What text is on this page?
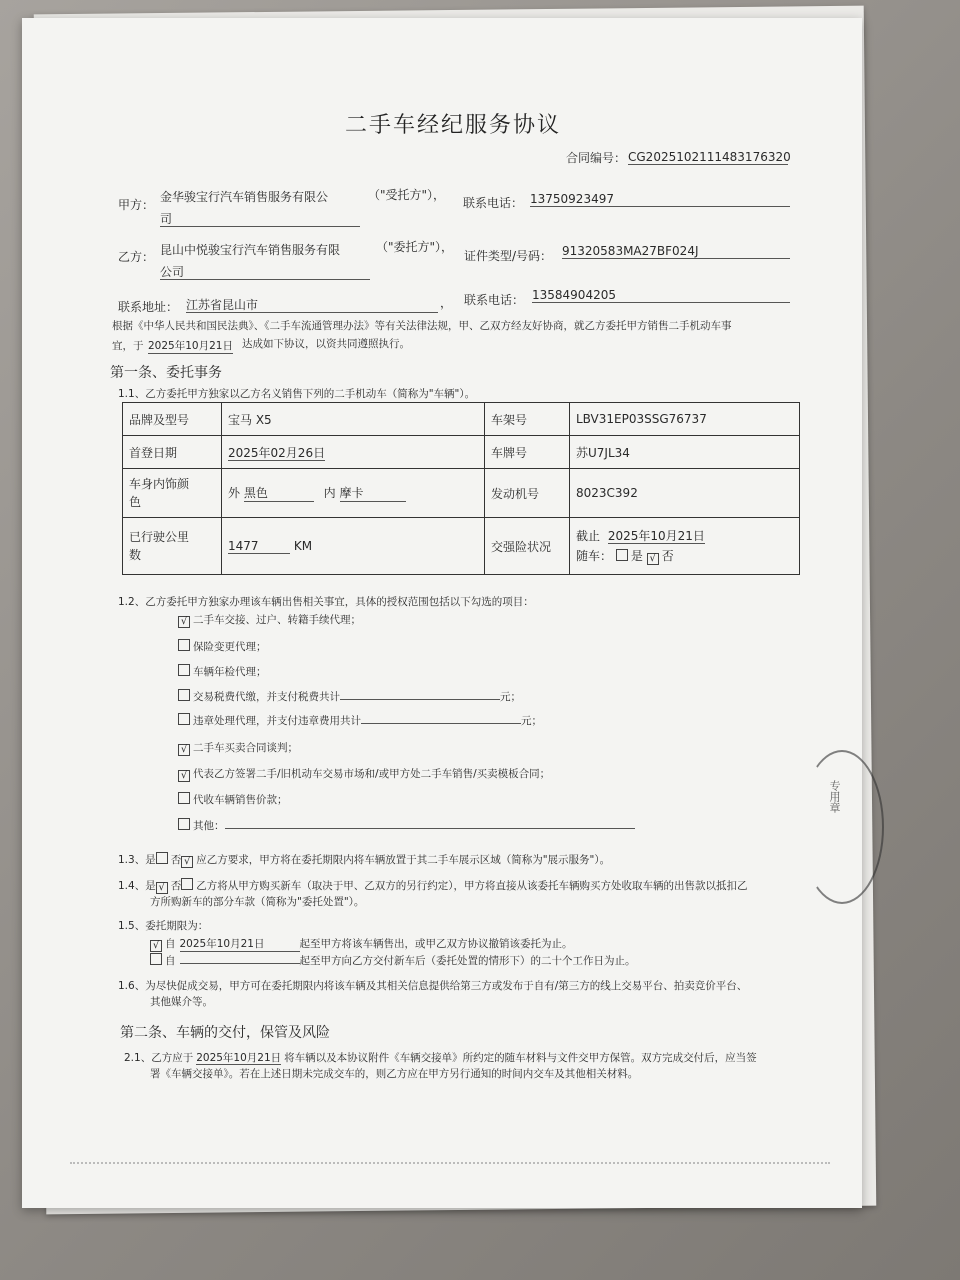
二手车经纪服务协议
合同编号： CG20251021114831763​20
甲方：
金华骏宝行汽车销售服务有限公
司
（"受托方"），
联系电话： 13750923497
乙方： 昆山中悦骏宝行汽车销售服务有限
公司
（"委托方"），
证件类型/号码： 91320583MA27BF024J
联系地址： 江苏省昆山市	， 联系电话： 13584904205
根据《中华人民共和国民法典》、《二手车流通管理办法》等有关法律法规，甲、乙双方经友好协商，就乙方委托甲方销售二手机动车事
宜，于 2025年10月21日 达成如下协议，以资共同遵照执行。
第一条、委托事务
1.1、乙方委托甲方独家以乙方名义销售下列的二手机动车（简称为"车辆"）。
品牌及型号	宝马 X5	车架号	LBV31EP03SSG76737
首登日期	2025年02月26日	车牌号	苏U7JL34
车身内饰颜
色	外 黑色 内 摩卡	发动机号	8023C392
已行驶公里
数	1477 KM	交强险状况	截止 2025年10月21日
随车： 是 √ 否
1.2、乙方委托甲方独家办理该车辆出售相关事宜，具体的授权范围包括以下勾选的项目：
√ 二手车交接、过户、转籍手续代理；
保险变更代理；
车辆年检代理；
交易税费代缴，并支付税费共计	元；
违章处理代理，并支付违章费用共计	元；
√ 二手车买卖合同谈判；
√ 代表乙方签署二手/旧机动车交易市场和/或甲方处二手车销售/买卖模板合同；
代收车辆销售价款；
其他：
1.3、是 否 √ 应乙方要求，甲方将在委托期限内将车辆放置于其二手车展示区域（简称为"展示服务"）。
1.4、是 √ 否 乙方将从甲方购买新车（取决于甲、乙双方的另行约定），甲方将直接从该委托车辆购买方处收取车辆的出售款以抵扣乙
方所购新车的部分车款（简称为"委托处置"）。
1.5、委托期限为：
√ 自 2025年10月21日	起至甲方将该车辆售出，或甲乙双方协议撤销该委托为止。
自	起至甲方向乙方交付新车后（委托处置的情形下）的二十个工作日为止。
1.6、为尽快促成交易，甲方可在委托期限内将该车辆及其相关信息提供给第三方或发布于自有/第三方的线上交易平台、拍卖竞价平台、
其他媒介等。
第二条、车辆的交付，保管及风险
2.1、乙方应于 2025年10月21日 将车辆以及本协议附件《车辆交接单》所约定的随车材料与文件交甲方保管。双方完成交付后，应当签
署《车辆交接单》。若在上述日期未完成交车的，则乙方应在甲方另行通知的时间内交车及其他相关材料。
专用章
